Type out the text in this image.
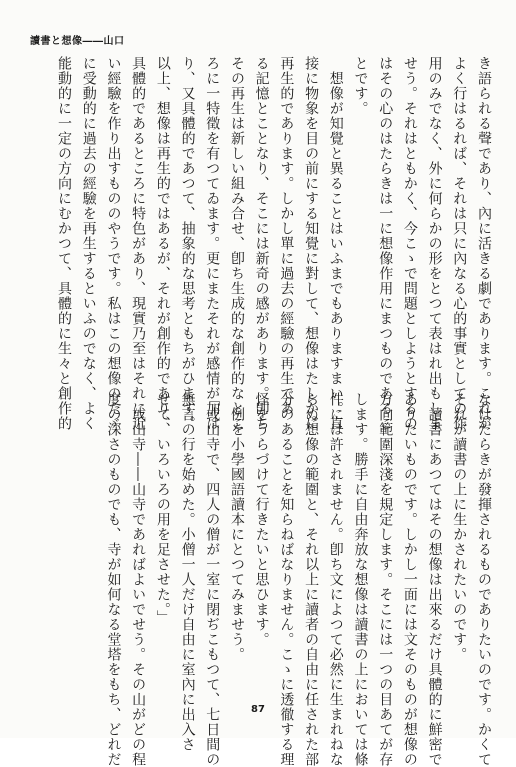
讀書と想像――山口
き語られる聲であり、內に活きる劇であります。これが
よく行はるれば、それは只に內なる心的事實としての作
用のみでなく、外に何らかの形をとつて表はれ出もしま
せう。それはともかく、今こゝで問題としようとするの
はその心のはたらきは一に想像作用にまつものであるこ
とです。
想像が知覺と異ることはいふまでもありますまい。直
接に物象を目の前にする知覺に對して、想像はたしかに
再生的であります。しかし單に過去の經驗の再生であ
る記憶とことなり、そこには新奇の感があります。卽ち
その再生は新しい組み合せ、卽ち生成的な創作的なとこ
ろに一特徵を有つてゐます。更にまたそれが感情が加は
り、又具體的であつて、抽象的な思考ともちがひます。
以上、想像は再生的ではあるが、それが創作的であり、
具體的であるところに特色があり、現實乃至はそれに近
い經驗を作り出すもののやうです。私はこの想像のたゞ
に受動的に過去の經驗を再生するといふのでなく、よく
能動的に一定の方向にむかつて、具體的に生々と創作的
なはたらきが發揮されるものでありたいのです。かくて
それが讀書の上に生かされたいのです。
讀書にあつてはその想像は出來るだけ具體的に鮮密で
ありたいものです。しかし一面には文そのものが想像の
方向範圍深淺を規定します。そこには一つの目あてが存
します。勝手に自由奔放な想像は讀書の上においては條
件には許されません。卽ち文によつて必然に生まれねな
らぬ想像の範圍と、それ以上に讀者の自由に任された部
分のあることを知らねばなりません。こゝに透徹する理
怪をうらづけて行きたいと思ひます。
例を小學國語讀本にとつてみませう。
「或山寺で、四人の僧が一室に閉ぢこもつて、七日間の
無言の行を始めた。小僧一人だけ自由に室內に出入さ
せて、いろいろの用を足させた。」
或山寺――山寺であればよいでせう。その山がどの程
度の深さのものでも、寺が如何なる堂塔をもち、どれだ	87
